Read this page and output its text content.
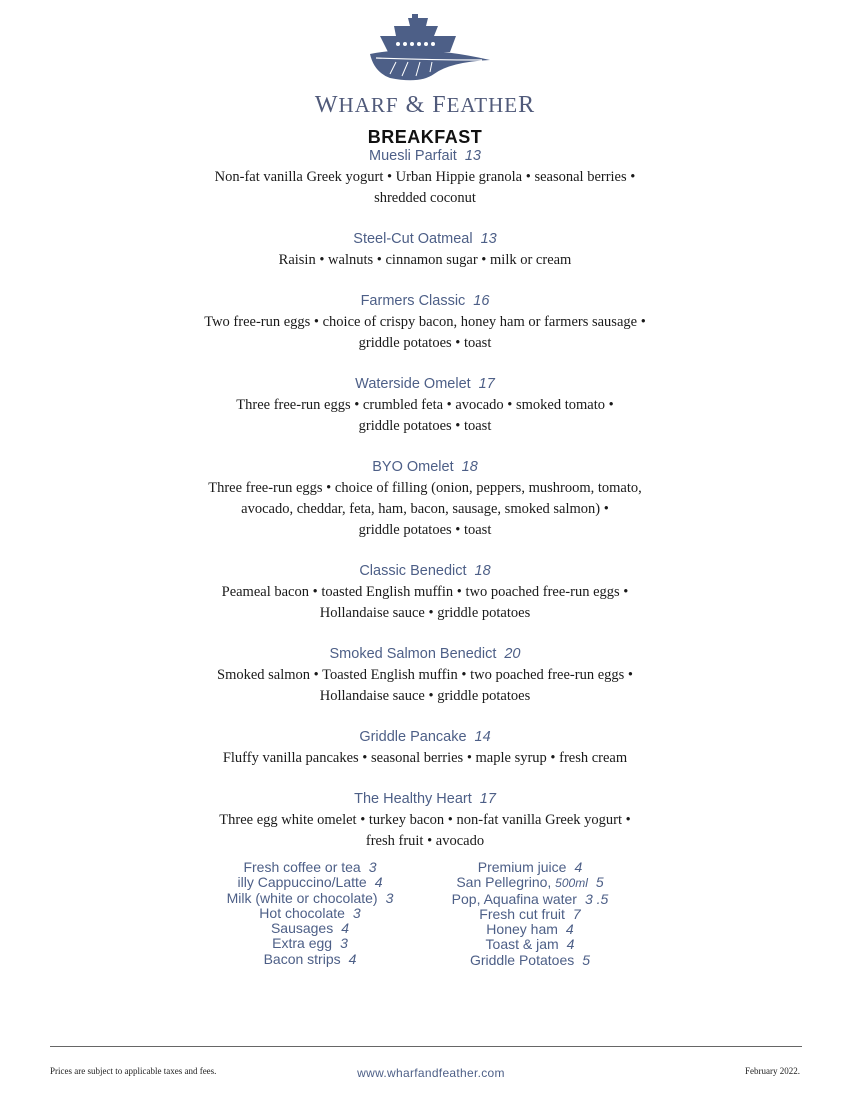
WHARF & FEATHER
BREAKFAST
Muesli Parfait 13
Non-fat vanilla Greek yogurt • Urban Hippie granola • seasonal berries •
shredded coconut
Steel-Cut Oatmeal 13
Raisin • walnuts • cinnamon sugar • milk or cream
Farmers Classic 16
Two free-run eggs • choice of crispy bacon, honey ham or farmers sausage •
griddle potatoes • toast
Waterside Omelet 17
Three free-run eggs • crumbled feta • avocado • smoked tomato •
griddle potatoes • toast
BYO Omelet 18
Three free-run eggs • choice of filling (onion, peppers, mushroom, tomato,
avocado, cheddar, feta, ham, bacon, sausage, smoked salmon) •
griddle potatoes • toast
Classic Benedict 18
Peameal bacon • toasted English muffin • two poached free-run eggs •
Hollandaise sauce • griddle potatoes
Smoked Salmon Benedict 20
Smoked salmon • Toasted English muffin • two poached free-run eggs •
Hollandaise sauce • griddle potatoes
Griddle Pancake 14
Fluffy vanilla pancakes • seasonal berries • maple syrup • fresh cream
The Healthy Heart 17
Three egg white omelet • turkey bacon • non-fat vanilla Greek yogurt •
fresh fruit • avocado
Fresh coffee or tea 3
illy Cappuccino/Latte 4
Milk (white or chocolate) 3
Hot chocolate 3
Sausages 4
Extra egg 3
Bacon strips 4
Premium juice 4
San Pellegrino, 500ml 5
Pop, Aquafina water 3 .5
Fresh cut fruit 7
Honey ham 4
Toast & jam 4
Griddle Potatoes 5
Prices are subject to applicable taxes and fees.	www.wharfandfeather.com	February 2022.
